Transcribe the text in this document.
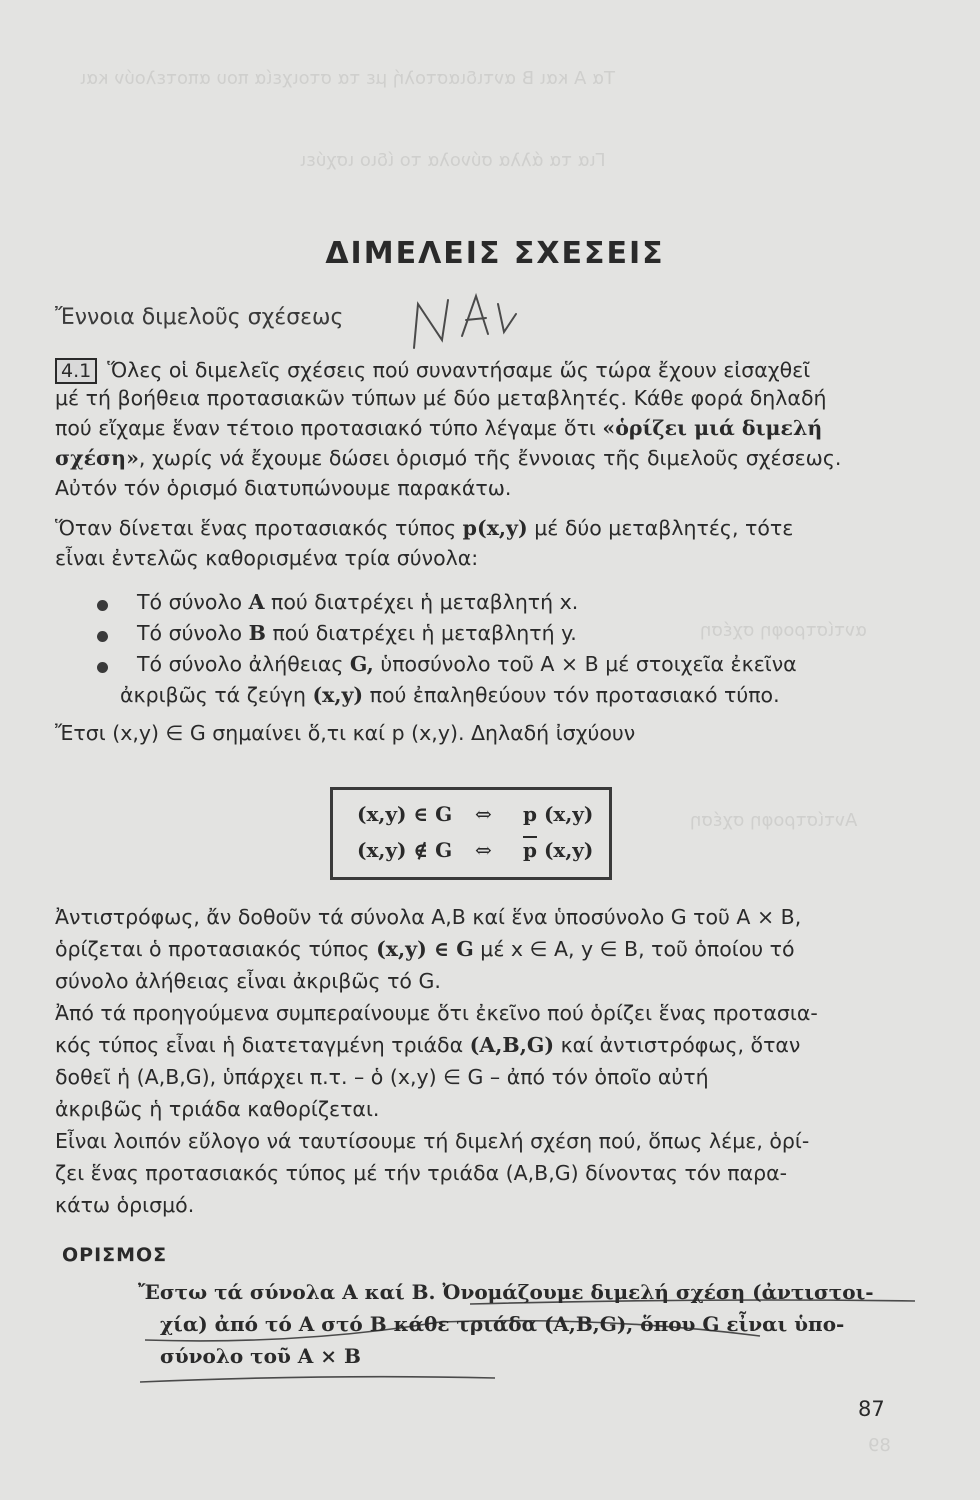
Τα A και B αντιδιαστολή με τα στοιχεία που αποτελούν και
Για τα άλλα σύνολα το ίδιο ισχύει
αντίστροφη σχέση
Αντίστροφη σχέση
89
ΔΙΜΕΛΕΙΣ ΣΧΕΣΕΙΣ
Ἔννοια διμελοῦς σχέσεως
4.1 Ὅλες οἱ διμελεῖς σχέσεις πού συναντήσαμε ὥς τώρα ἔχουν εἰσαχθεῖ
μέ τή βοήθεια προτασιακῶν τύπων μέ δύο μεταβλητές. Κάθε φορά δηλαδή
πού εἴχαμε ἕναν τέτοιο προτασιακό τύπο λέγαμε ὅτι «ὁρίζει μιά διμελή
σχέση», χωρίς νά ἔχουμε δώσει ὁρισμό τῆς ἔννοιας τῆς διμελοῦς σχέσεως.
Αὐτόν τόν ὁρισμό διατυπώνουμε παρακάτω.
Ὅταν δίνεται ἕνας προτασιακός τύπος p(x,y) μέ δύο μεταβλητές, τότε
εἶναι ἐντελῶς καθορισμένα τρία σύνολα:
Τό σύνολο A πού διατρέχει ἡ μεταβλητή x.
Τό σύνολο B πού διατρέχει ἡ μεταβλητή y.
Τό σύνολο ἀλήθειας G, ὑποσύνολο τοῦ A × B μέ στοιχεῖα ἐκεῖνα
ἀκριβῶς τά ζεύγη (x,y) πού ἐπαληθεύουν τόν προτασιακό τύπο.
Ἔτσι (x,y) ∈ G σημαίνει ὅ,τι καί p (x,y). Δηλαδή ἰσχύουν
(x,y) ∈ G ⇔ p (x,y)
(x,y) ∉ G ⇔ $\overline{p}$ (x,y)
Ἀντιστρόφως, ἄν δοθοῦν τά σύνολα A,B καί ἕνα ὑποσύνολο G τοῦ A × B,
ὁρίζεται ὁ προτασιακός τύπος (x,y) ∈ G μέ x ∈ A, y ∈ B, τοῦ ὁποίου τό
σύνολο ἀλήθειας εἶναι ἀκριβῶς τό G.
Ἀπό τά προηγούμενα συμπεραίνουμε ὅτι ἐκεῖνο πού ὁρίζει ἕνας προτασια-
κός τύπος εἶναι ἡ διατεταγμένη τριάδα (A,B,G) καί ἀντιστρόφως, ὅταν
δοθεῖ ἡ (A,B,G), ὑπάρχει π.τ. – ὁ (x,y) ∈ G – ἀπό τόν ὁποῖο αὐτή
ἀκριβῶς ἡ τριάδα καθορίζεται.
Εἶναι λοιπόν εὔλογο νά ταυτίσουμε τή διμελή σχέση πού, ὅπως λέμε, ὁρί-
ζει ἕνας προτασιακός τύπος μέ τήν τριάδα (A,B,G) δίνοντας τόν παρα-
κάτω ὁρισμό.
ΟΡΙΣΜΟΣ
Ἔστω τά σύνολα A καί B. Ὀνομάζουμε διμελή σχέση (ἀντιστοι-
χία) ἀπό τό A στό B κάθε τριάδα (A,B,G), ὅπου G εἶναι ὑπο-
σύνολο τοῦ A × B
87
